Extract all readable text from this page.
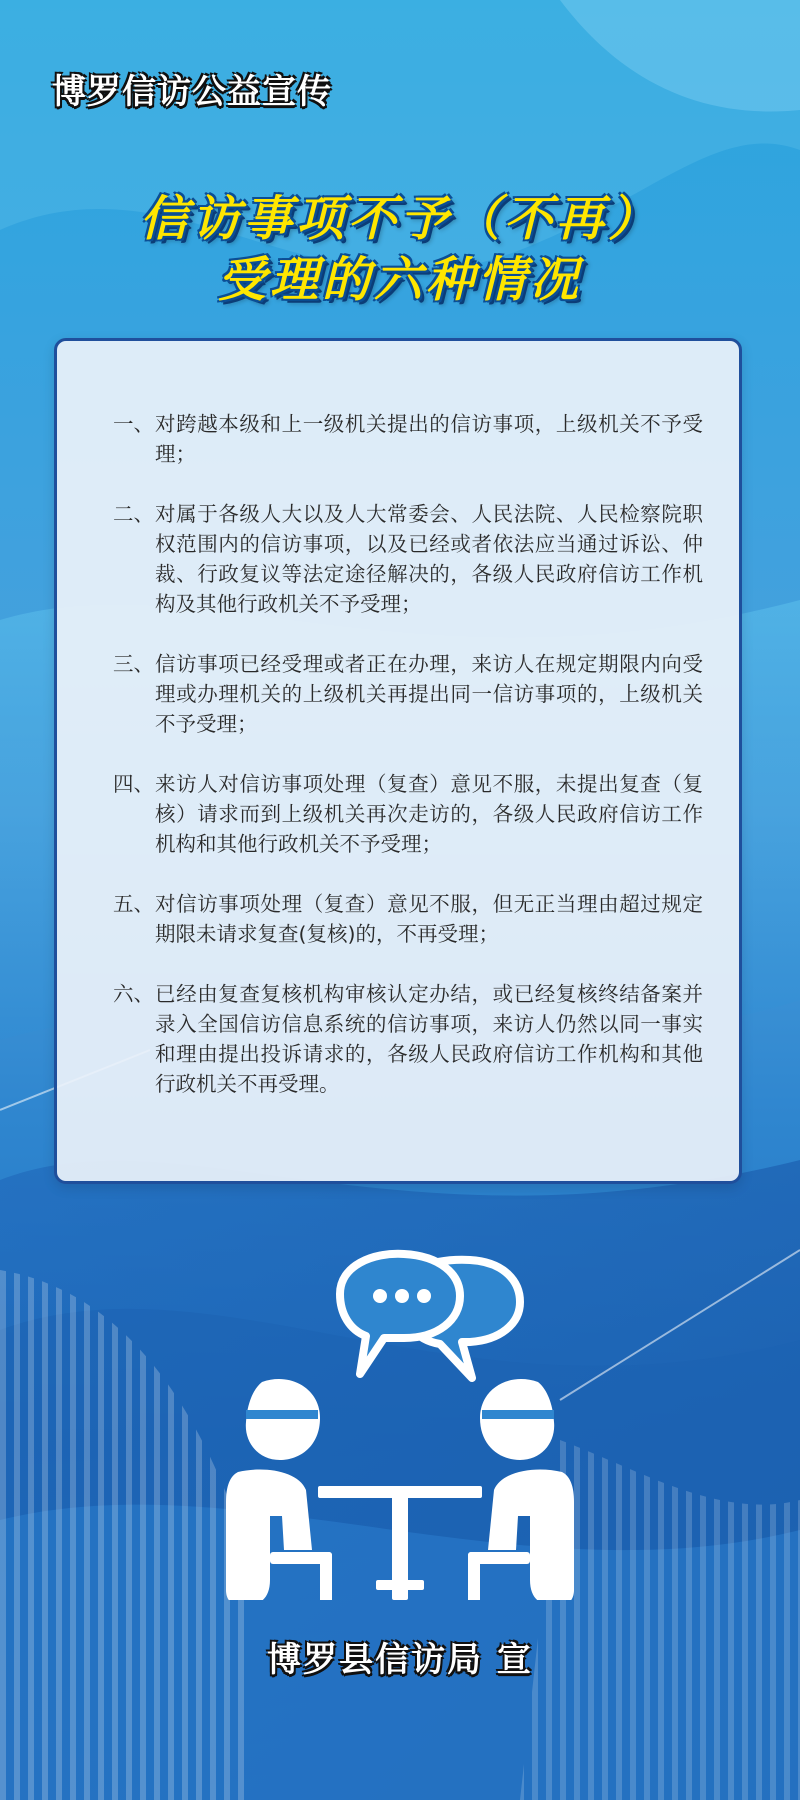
博罗信访公益宣传
信访事项不予（不再）
受理的六种情况
一、 对跨越本级和上一级机关提出的信访事项，上级机关不予受理；
二、 对属于各级人大以及人大常委会、人民法院、人民检察院职权范围内的信访事项，以及已经或者依法应当通过诉讼、仲裁、行政复议等法定途径解决的，各级人民政府信访工作机构及其他行政机关不予受理；
三、 信访事项已经受理或者正在办理，来访人在规定期限内向受理或办理机关的上级机关再提出同一信访事项的，上级机关不予受理；
四、 来访人对信访事项处理（复查）意见不服，未提出复查（复核）请求而到上级机关再次走访的，各级人民政府信访工作机构和其他行政机关不予受理；
五、 对信访事项处理（复查）意见不服，但无正当理由超过规定期限未请求复查(复核)的，不再受理；
六、 已经由复查复核机构审核认定办结，或已经复核终结备案并录入全国信访信息系统的信访事项，来访人仍然以同一事实和理由提出投诉请求的，各级人民政府信访工作机构和其他行政机关不再受理。
博罗县信访局 宣
